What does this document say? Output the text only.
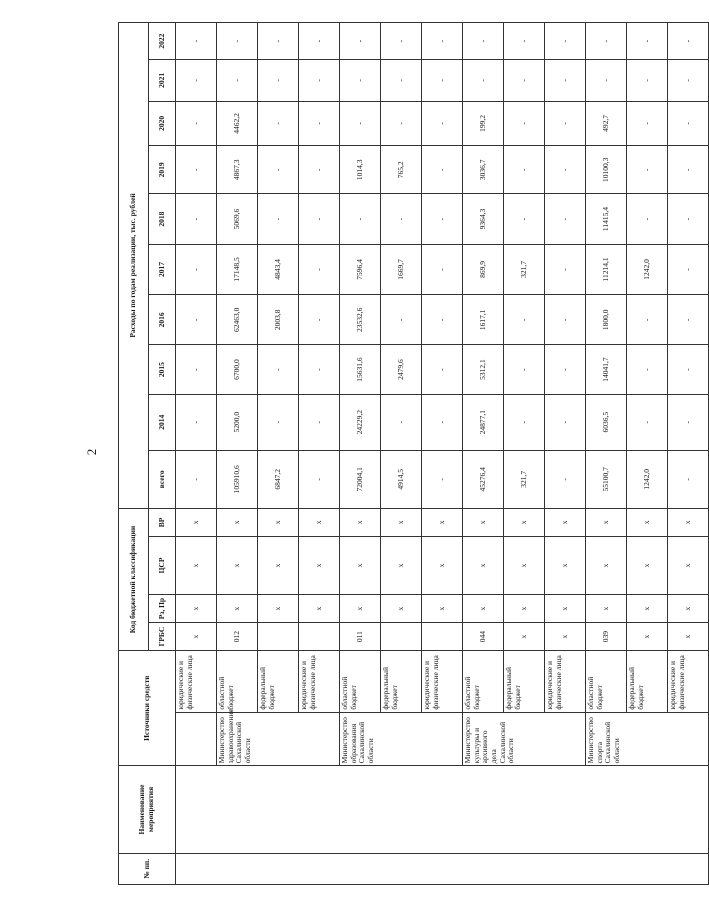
2
№ пп.	Наименование мероприятия	Источники средств		Код бюджетной классификации				Расходы по годам реализации, тыс. рублей									
				ГРБС	Рз, Пр	ЦСР	ВР	всего	2014	2015	2016	2017	2018	2019	2020	2021	2022
			юридические и физические лица	х	х	х	х	-	-	-	-	-	-	-	-	-	-
		Министерство здравоохранения Сахалинской области	областной бюджет	012	х	х	х	105910,6	5200,0	6700,0	62463,0	17148,5	5069,6	4867,3	4462,2	-	-
			федеральный бюджет		х	х	х	6847,2	-	-	2003,8	4843,4	-	-	-	-	-
			юридические и физические лица		х	х	х	-	-	-	-	-	-	-	-	-	-
		Министерство образования Сахалинской области	областной бюджет	011	х	х	х	72004,1	24229,2	15631,6	23532,6	7596,4	-	1014,3	-	-	-
			федеральный бюджет		х	х	х	4914,5	-	2479,6	-	1669,7	-	765,2	-	-	-
			юридические и физические лица		х	х	х	-	-	-	-	-	-	-	-	-	-
		Министерство культуры и архивного дела Сахалинской области	областной бюджет	044	х	х	х	45276,4	24877,1	5312,1	1617,1	869,9	9364,3	3036,7	199,2	-	-
			федеральный бюджет	х	х	х	х	321,7	-	-	-	321,7	-	-	-	-	-
			юридические и физические лица	х	х	х	х	-	-	-	-	-	-	-	-	-	-
		Министерство спорта Сахалинской области	областной бюджет	039	х	х	х	55100,7	6036,5	14041,7	1800,0	11214,1	11415,4	10100,3	492,7	-	-
			федеральный бюджет	х	х	х	х	1242,0	-	-	-	1242,0	-	-	-	-	-
			юридические и физические лица	х	х	х	х	-	-	-	-	-	-	-	-	-	-
